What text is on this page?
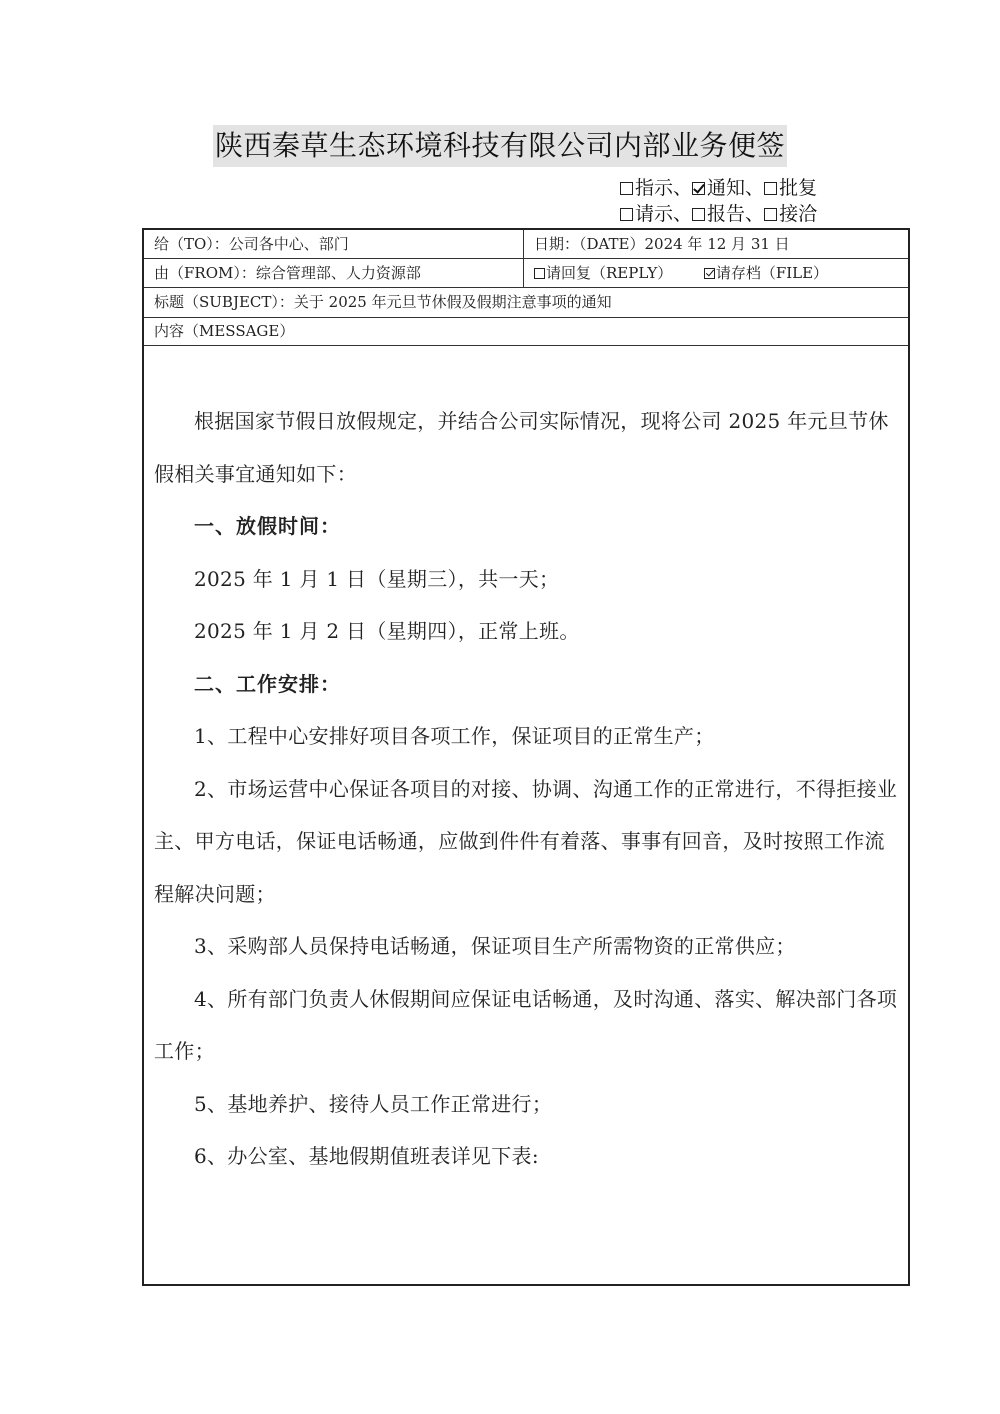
陕西秦草生态环境科技有限公司内部业务便签
指示、 通知、 批复
请示、 报告、 接洽
给（TO）：公司各中心、部门	日期：（DATE）2024 年 12 月 31 日
由（FROM）：综合管理部、人力资源部	请回复（REPLY）	请存档（FILE）
标题（SUBJECT）：关于 2025 年元旦节休假及假期注意事项的通知
内容（MESSAGE）

根据国家节假日放假规定，并结合公司实际情况，现将公司 2025 年元旦节休假相关事宜通知如下：

一、放假时间：

2025 年 1 月 1 日（星期三），共一天；

2025 年 1 月 2 日（星期四），正常上班。

二、工作安排：

1、工程中心安排好项目各项工作，保证项目的正常生产；

2、市场运营中心保证各项目的对接、协调、沟通工作的正常进行，不得拒接业主、甲方电话，保证电话畅通，应做到件件有着落、事事有回音，及时按照工作流程解决问题；

3、采购部人员保持电话畅通，保证项目生产所需物资的正常供应；

4、所有部门负责人休假期间应保证电话畅通，及时沟通、落实、解决部门各项工作；

5、基地养护、接待人员工作正常进行；

6、办公室、基地假期值班表详见下表:
